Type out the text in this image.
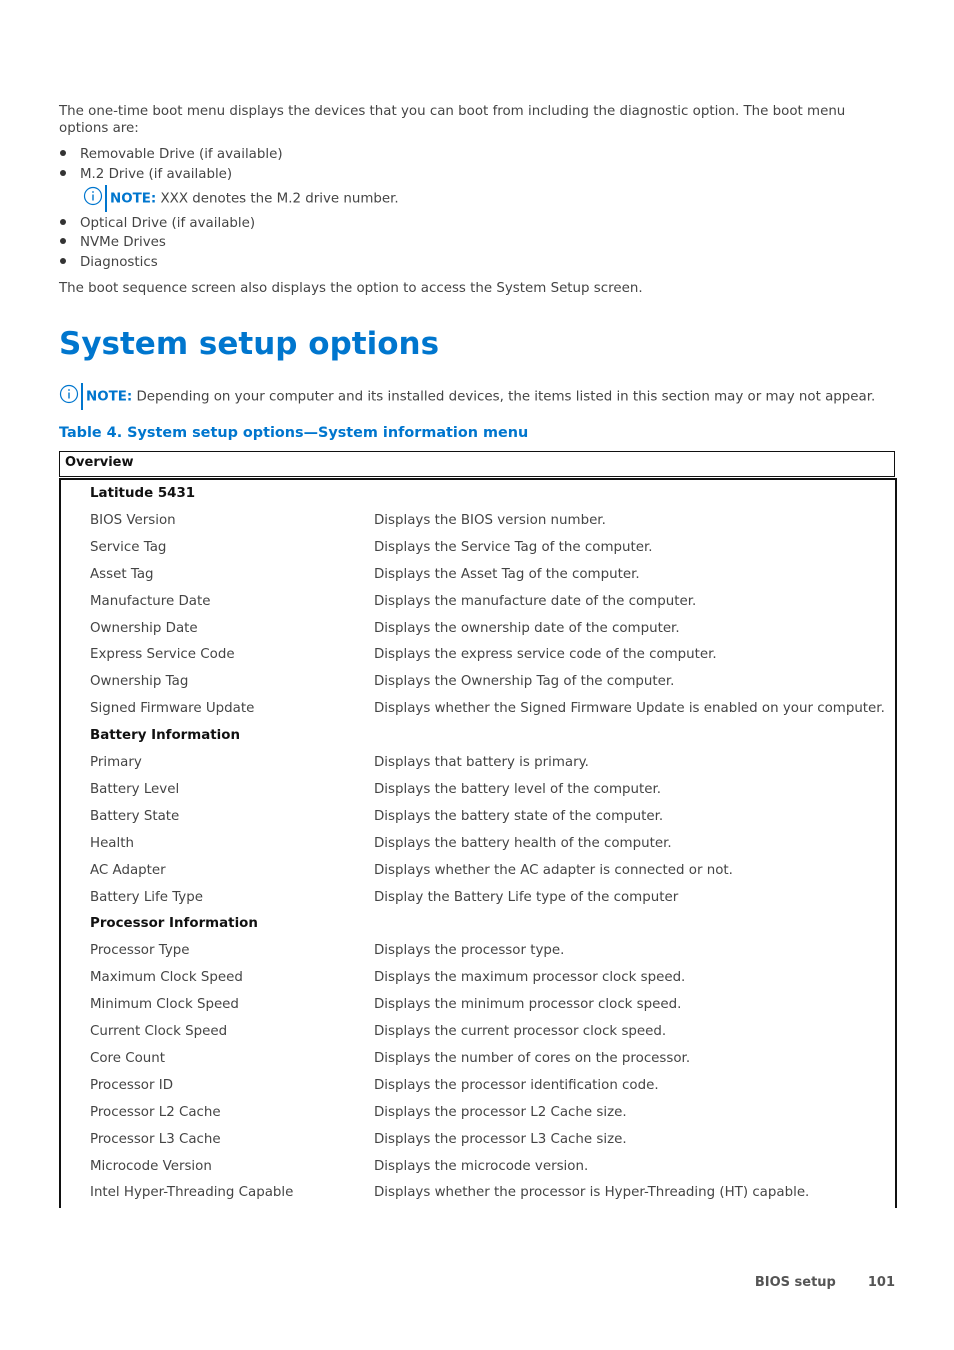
The one-time boot menu displays the devices that you can boot from including the diagnostic option. The boot menu options are:

Removable Drive (if available)
M.2 Drive (if available)
NOTE: XXX denotes the M.2 drive number.
Optical Drive (if available)
NVMe Drives
Diagnostics

The boot sequence screen also displays the option to access the System Setup screen.

System setup options
NOTE: Depending on your computer and its installed devices, the items listed in this section may or may not appear.

Table 4. System setup options—System information menu

Overview
Latitude 5431
BIOS Version	Displays the BIOS version number.
Service Tag	Displays the Service Tag of the computer.
Asset Tag	Displays the Asset Tag of the computer.
Manufacture Date	Displays the manufacture date of the computer.
Ownership Date	Displays the ownership date of the computer.
Express Service Code	Displays the express service code of the computer.
Ownership Tag	Displays the Ownership Tag of the computer.
Signed Firmware Update	Displays whether the Signed Firmware Update is enabled on your computer.
Battery Information
Primary	Displays that battery is primary.
Battery Level	Displays the battery level of the computer.
Battery State	Displays the battery state of the computer.
Health	Displays the battery health of the computer.
AC Adapter	Displays whether the AC adapter is connected or not.
Battery Life Type	Display the Battery Life type of the computer
Processor Information
Processor Type	Displays the processor type.
Maximum Clock Speed	Displays the maximum processor clock speed.
Minimum Clock Speed	Displays the minimum processor clock speed.
Current Clock Speed	Displays the current processor clock speed.
Core Count	Displays the number of cores on the processor.
Processor ID	Displays the processor identification code.
Processor L2 Cache	Displays the processor L2 Cache size.
Processor L3 Cache	Displays the processor L3 Cache size.
Microcode Version	Displays the microcode version.
Intel Hyper-Threading Capable	Displays whether the processor is Hyper-Threading (HT) capable.
BIOS setup 101
